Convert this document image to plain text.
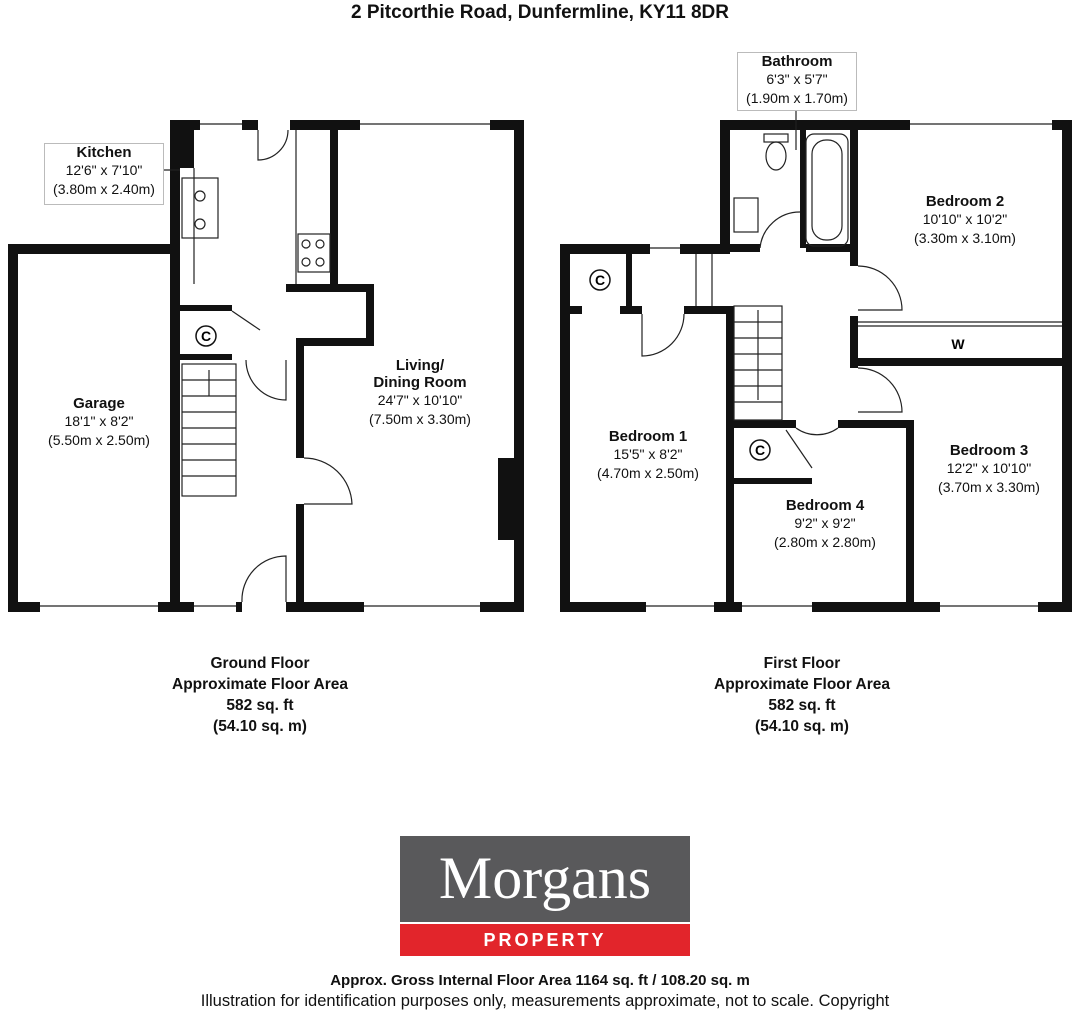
2 Pitcorthie Road, Dunfermline, KY11 8DR
C
C
C
W
Kitchen
12'6" x 7'10"
(3.80m x 2.40m)
Garage
18'1" x 8'2"
(5.50m x 2.50m)
Living/
Dining Room
24'7" x 10'10"
(7.50m x 3.30m)
Bathroom
6'3" x 5'7"
(1.90m x 1.70m)
Bedroom 2
10'10" x 10'2"
(3.30m x 3.10m)
Bedroom 1
15'5" x 8'2"
(4.70m x 2.50m)
Bedroom 3
12'2" x 10'10"
(3.70m x 3.30m)
Bedroom 4
9'2" x 9'2"
(2.80m x 2.80m)
Ground Floor
Approximate Floor Area
582 sq. ft
(54.10 sq. m)
First Floor
Approximate Floor Area
582 sq. ft
(54.10 sq. m)
Morgans
PROPERTY
Approx. Gross Internal Floor Area 1164 sq. ft / 108.20 sq. m
Illustration for identification purposes only, measurements approximate, not to scale. Copyright
